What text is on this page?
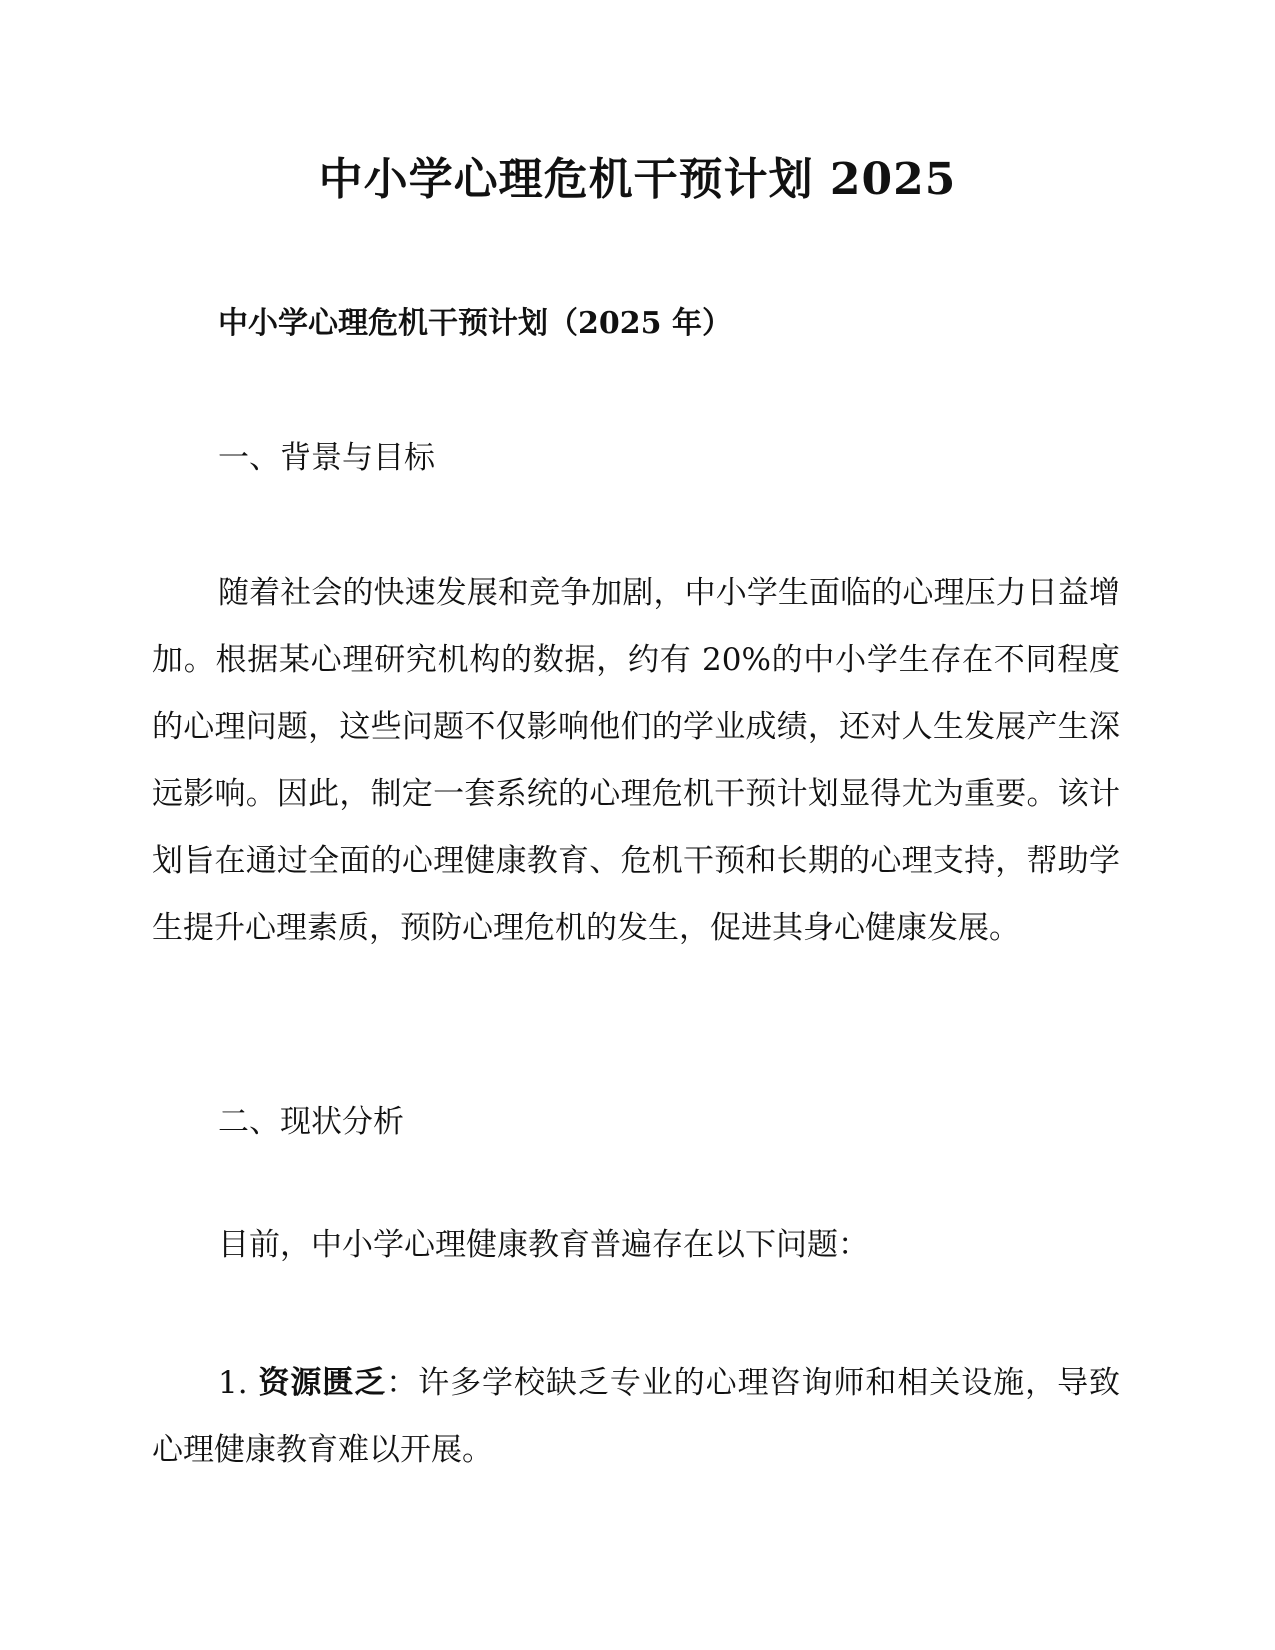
中小学心理危机干预计划 2025
中小学心理危机干预计划（2025 年）
一、背景与目标

随着社会的快速发展和竞争加剧，中小学生面临的心理压力日益增加。根据某心理研究机构的数据，约有 20%的中小学生存在不同程度的心理问题，这些问题不仅影响他们的学业成绩，还对人生发展产生深远影响。因此，制定一套系统的心理危机干预计划显得尤为重要。该计划旨在通过全面的心理健康教育、危机干预和长期的心理支持，帮助学生提升心理素质，预防心理危机的发生，促进其身心健康发展。

二、现状分析

目前，中小学心理健康教育普遍存在以下问题：

1. 资源匮乏：许多学校缺乏专业的心理咨询师和相关设施，导致心理健康教育难以开展。
